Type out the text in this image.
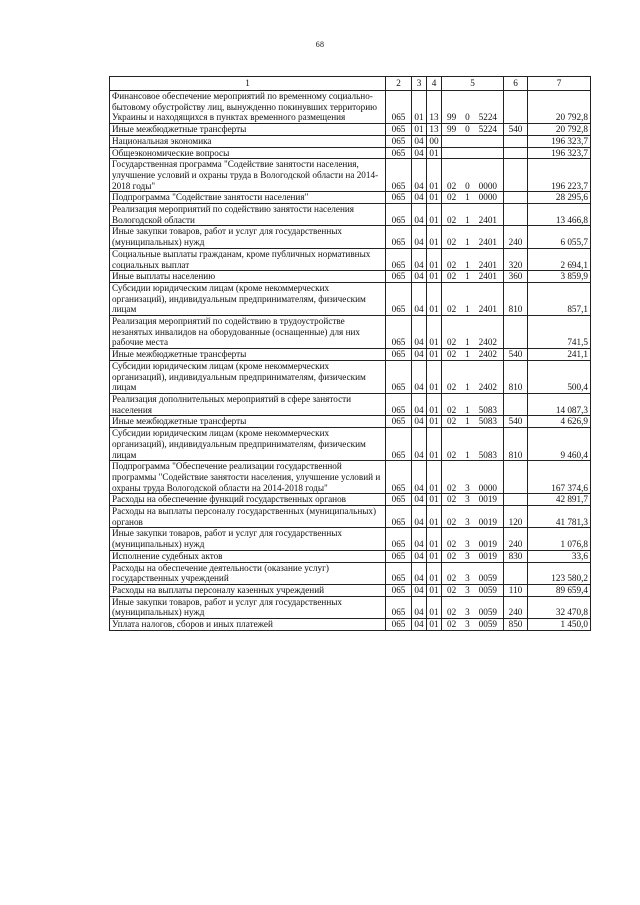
68
1	2	3	4	5	6	7
Финансовое обеспечение мероприятий по временному социально-бытовому обустройству лиц, вынужденно покинувших территорию Украины и находящихся в пунктах временного размещения	065	01	13	99 0 5224		20 792,8
Иные межбюджетные трансферты	065	01	13	99 0 5224	540	20 792,8
Национальная экономика	065	04	00			196 323,7
Общеэкономические вопросы	065	04	01			196 323,7
Государственная программа "Содействие занятости населения, улучшение условий и охраны труда в Вологодской области на 2014-2018 годы"	065	04	01	02 0 0000		196 223,7
Подпрограмма "Содействие занятости населения"	065	04	01	02 1 0000		28 295,6
Реализация мероприятий по содействию занятости населения Вологодской области	065	04	01	02 1 2401		13 466,8
Иные закупки товаров, работ и услуг для государственных (муниципальных) нужд	065	04	01	02 1 2401	240	6 055,7
Социальные выплаты гражданам, кроме публичных нормативных социальных выплат	065	04	01	02 1 2401	320	2 694,1
Иные выплаты населению	065	04	01	02 1 2401	360	3 859,9
Субсидии юридическим лицам (кроме некоммерческих организаций), индивидуальным предпринимателям, физическим лицам	065	04	01	02 1 2401	810	857,1
Реализация мероприятий по содействию в трудоустройстве незанятых инвалидов на оборудованные (оснащенные) для них рабочие места	065	04	01	02 1 2402		741,5
Иные межбюджетные трансферты	065	04	01	02 1 2402	540	241,1
Субсидии юридическим лицам (кроме некоммерческих организаций), индивидуальным предпринимателям, физическим лицам	065	04	01	02 1 2402	810	500,4
Реализация дополнительных мероприятий в сфере занятости населения	065	04	01	02 1 5083		14 087,3
Иные межбюджетные трансферты	065	04	01	02 1 5083	540	4 626,9
Субсидии юридическим лицам (кроме некоммерческих организаций), индивидуальным предпринимателям, физическим лицам	065	04	01	02 1 5083	810	9 460,4
Подпрограмма "Обеспечение реализации государственной программы "Содействие занятости населения, улучшение условий и охраны труда Вологодской области на 2014-2018 годы"	065	04	01	02 3 0000		167 374,6
Расходы на обеспечение функций государственных органов	065	04	01	02 3 0019		42 891,7
Расходы на выплаты персоналу государственных (муниципальных) органов	065	04	01	02 3 0019	120	41 781,3
Иные закупки товаров, работ и услуг для государственных (муниципальных) нужд	065	04	01	02 3 0019	240	1 076,8
Исполнение судебных актов	065	04	01	02 3 0019	830	33,6
Расходы на обеспечение деятельности (оказание услуг) государственных учреждений	065	04	01	02 3 0059		123 580,2
Расходы на выплаты персоналу казенных учреждений	065	04	01	02 3 0059	110	89 659,4
Иные закупки товаров, работ и услуг для государственных (муниципальных) нужд	065	04	01	02 3 0059	240	32 470,8
Уплата налогов, сборов и иных платежей	065	04	01	02 3 0059	850	1 450,0
